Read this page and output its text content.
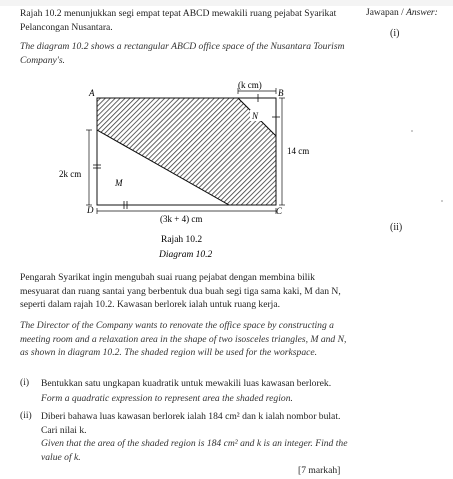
Rajah 10.2 menunjukkan segi empat tepat ABCD mewakili ruang pejabat Syarikat Pelancongan Nusantara.
The diagram 10.2 shows a rectangular ABCD office space of the Nusantara Tourism Company's.
(k cm)
14 cm
2k cm
(3k + 4) cm
A	B
C
D
N
M
Rajah 10.2
Diagram 10.2
Pengarah Syarikat ingin mengubah suai ruang pejabat dengan membina bilik mesyuarat dan ruang santai yang berbentuk dua buah segi tiga sama kaki, M dan N, seperti dalam rajah 10.2. Kawasan berlorek ialah untuk ruang kerja.
The Director of the Company wants to renovate the office space by constructing a meeting room and a relaxation area in the shape of two isosceles triangles, M and N, as shown in diagram 10.2. The shaded region will be used for the workspace.
(i) Bentukkan satu ungkapan kuadratik untuk mewakili luas kawasan berlorek.
Form a quadratic expression to represent area the shaded region.
(ii) Diberi bahawa luas kawasan berlorek ialah 184 cm² dan k ialah nombor bulat. Cari nilai k.
Given that the area of the shaded region is 184 cm² and k is an integer. Find the value of k.
[7 markah]
Jawapan / Answer:
(i)
(ii)
